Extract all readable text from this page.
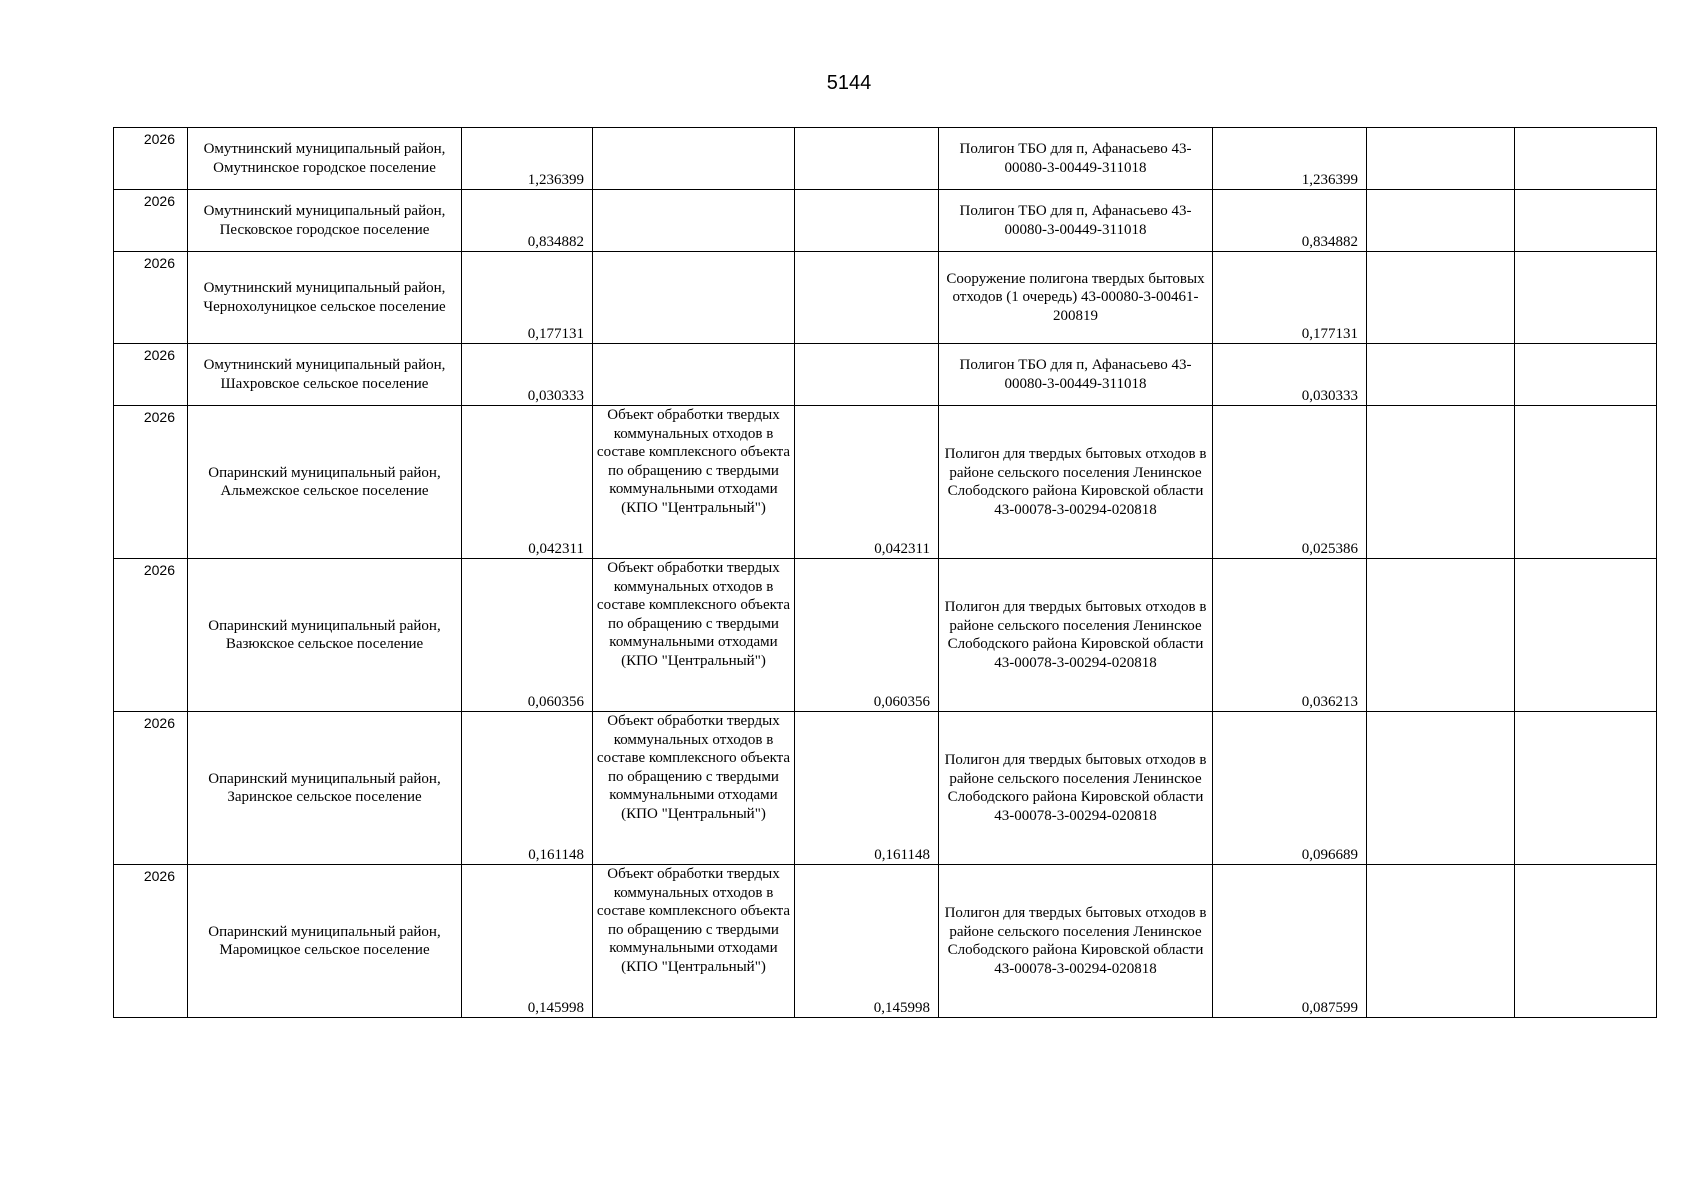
5144
2026	Омутнинский муниципальный район, Омутнинское городское поселение	1,236399			Полигон ТБО для п, Афанасьево 43-00080-3-00449-311018	1,236399		

2026	Омутнинский муниципальный район, Песковское городское поселение	0,834882			Полигон ТБО для п, Афанасьево 43-00080-3-00449-311018	0,834882		

2026	Омутнинский муниципальный район, Чернохолуницкое сельское поселение	0,177131			Сооружение полигона твердых бытовых отходов (1 очередь) 43-00080-3-00461-200819	0,177131		

2026	Омутнинский муниципальный район, Шахровское сельское поселение	0,030333			Полигон ТБО для п, Афанасьево 43-00080-3-00449-311018	0,030333		

2026	Опаринский муниципальный район, Альмежское сельское поселение	0,042311	Объект обработки твердых коммунальных отходов в составе комплексного объекта по обращению с твердыми коммунальными отходами (КПО "Центральный")	0,042311	Полигон для твердых бытовых отходов в районе сельского поселения Ленинское Слободского района Кировской области 43-00078-3-00294-020818	0,025386		

2026	Опаринский муниципальный район, Вазюкское сельское поселение	0,060356	Объект обработки твердых коммунальных отходов в составе комплексного объекта по обращению с твердыми коммунальными отходами (КПО "Центральный")	0,060356	Полигон для твердых бытовых отходов в районе сельского поселения Ленинское Слободского района Кировской области 43-00078-3-00294-020818	0,036213		

2026	Опаринский муниципальный район, Заринское сельское поселение	0,161148	Объект обработки твердых коммунальных отходов в составе комплексного объекта по обращению с твердыми коммунальными отходами (КПО "Центральный")	0,161148	Полигон для твердых бытовых отходов в районе сельского поселения Ленинское Слободского района Кировской области 43-00078-3-00294-020818	0,096689		

2026	Опаринский муниципальный район, Маромицкое сельское поселение	0,145998	Объект обработки твердых коммунальных отходов в составе комплексного объекта по обращению с твердыми коммунальными отходами (КПО "Центральный")	0,145998	Полигон для твердых бытовых отходов в районе сельского поселения Ленинское Слободского района Кировской области 43-00078-3-00294-020818	0,087599		
